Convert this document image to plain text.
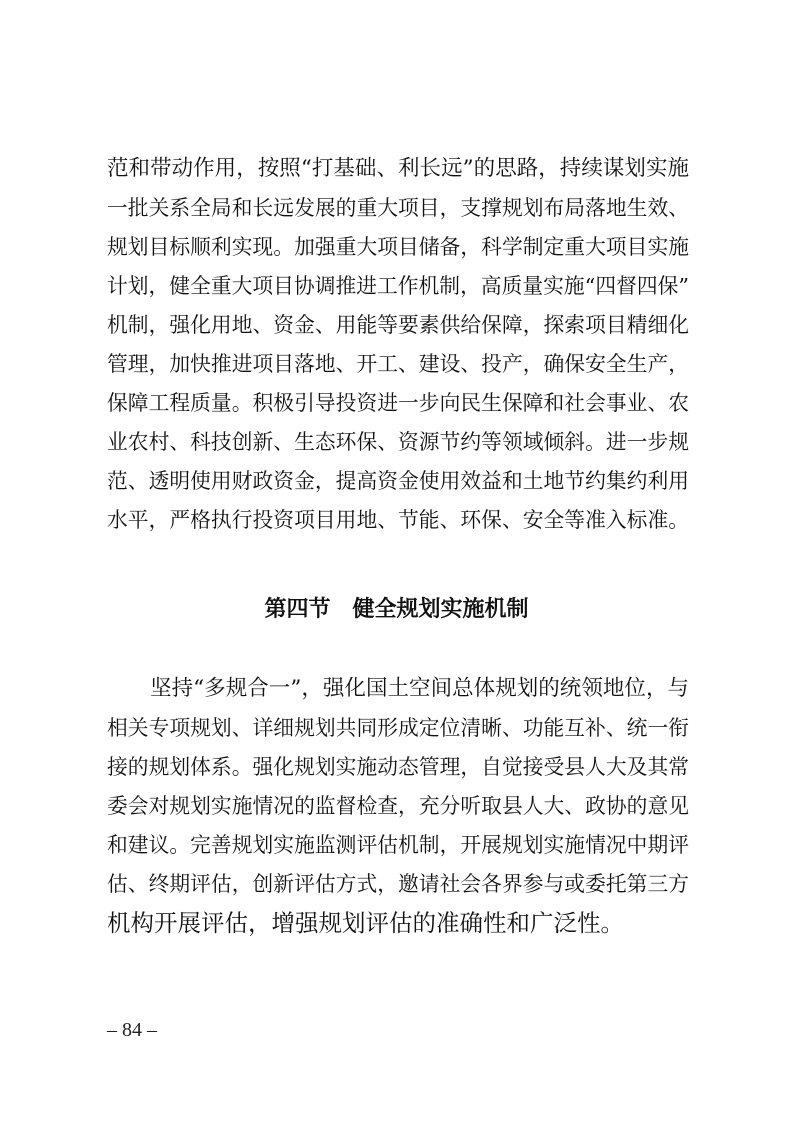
范和带动作用，按照“打基础、利长远”的思路，持续谋划实施
一批关系全局和长远发展的重大项目，支撑规划布局落地生效、
规划目标顺利实现。加强重大项目储备，科学制定重大项目实施
计划，健全重大项目协调推进工作机制，高质量实施“四督四保”
机制，强化用地、资金、用能等要素供给保障，探索项目精细化
管理，加快推进项目落地、开工、建设、投产，确保安全生产，
保障工程质量。积极引导投资进一步向民生保障和社会事业、农
业农村、科技创新、生态环保、资源节约等领域倾斜。进一步规
范、透明使用财政资金，提高资金使用效益和土地节约集约利用
水平，严格执行投资项目用地、节能、环保、安全等准入标准。
第四节　健全规划实施机制
　　坚持“多规合一”，强化国土空间总体规划的统领地位，与
相关专项规划、详细规划共同形成定位清晰、功能互补、统一衔
接的规划体系。强化规划实施动态管理，自觉接受县人大及其常
委会对规划实施情况的监督检查，充分听取县人大、政协的意见
和建议。完善规划实施监测评估机制，开展规划实施情况中期评
估、终期评估，创新评估方式，邀请社会各界参与或委托第三方
机构开展评估，增强规划评估的准确性和广泛性。
– 84 –
